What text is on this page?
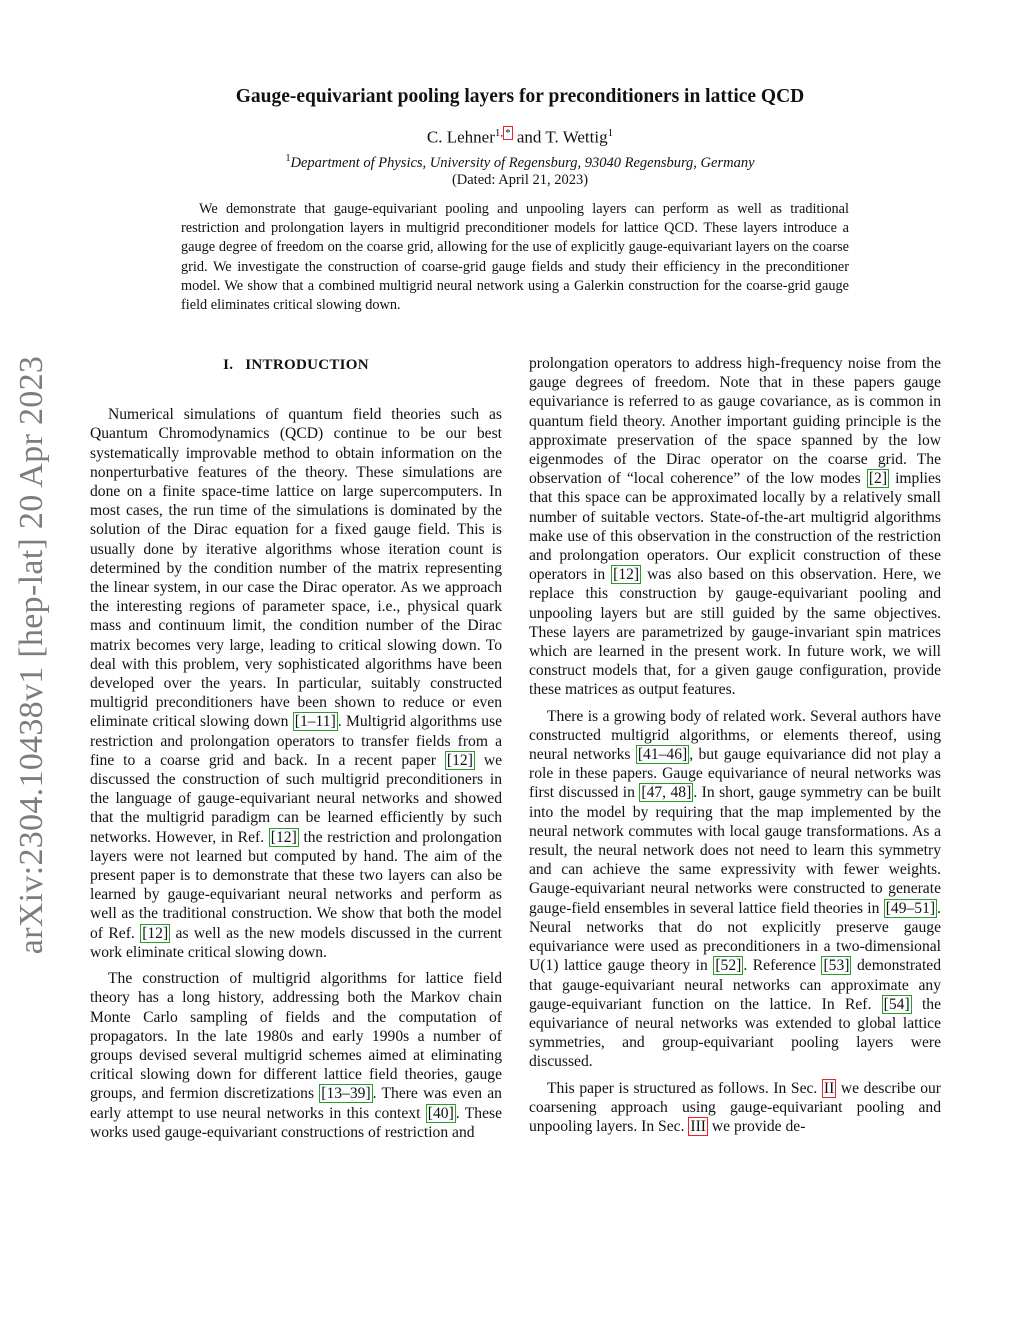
arXiv:2304.10438v1 [hep-lat] 20 Apr 2023
Gauge-equivariant pooling layers for preconditioners in lattice QCD
C. Lehner$^{1, *}$ and T. Wettig$^1$
$^1$Department of Physics, University of Regensburg, 93040 Regensburg, Germany
(Dated: April 21, 2023)

We demonstrate that gauge-equivariant pooling and unpooling layers can perform as well as traditional restriction and prolongation layers in multigrid preconditioner models for lattice QCD. These layers introduce a gauge degree of freedom on the coarse grid, allowing for the use of explicitly gauge-equivariant layers on the coarse grid. We investigate the construction of coarse-grid gauge fields and study their efficiency in the preconditioner model. We show that a combined multigrid neural network using a Galerkin construction for the coarse-grid gauge field eliminates critical slowing down.

I. INTRODUCTION

Numerical simulations of quantum field theories such as Quantum Chromodynamics (QCD) continue to be our best systematically improvable method to obtain information on the nonperturbative features of the theory. These simulations are done on a finite space-time lattice on large supercomputers. In most cases, the run time of the simulations is dominated by the solution of the Dirac equation for a fixed gauge field. This is usually done by iterative algorithms whose iteration count is determined by the condition number of the matrix representing the linear system, in our case the Dirac operator. As we approach the interesting regions of parameter space, i.e., physical quark mass and continuum limit, the condition number of the Dirac matrix becomes very large, leading to critical slowing down. To deal with this problem, very sophisticated algorithms have been developed over the years. In particular, suitably constructed multigrid preconditioners have been shown to reduce or even eliminate critical slowing down [1–11] . Multigrid algorithms use restriction and prolongation operators to transfer fields from a fine to a coarse grid and back. In a recent paper [12] we discussed the construction of such multigrid preconditioners in the language of gauge-equivariant neural networks and showed that the multigrid paradigm can be learned efficiently by such networks. However, in Ref. [12] the restriction and prolongation layers were not learned but computed by hand. The aim of the present paper is to demonstrate that these two layers can also be learned by gauge-equivariant neural networks and perform as well as the traditional construction. We show that both the model of Ref. [12] as well as the new models discussed in the current work eliminate critical slowing down.

The construction of multigrid algorithms for lattice field theory has a long history, addressing both the Markov chain Monte Carlo sampling of fields and the computation of propagators. In the late 1980s and early 1990s a number of groups devised several multigrid schemes aimed at eliminating critical slowing down for different lattice field theories, gauge groups, and fermion discretizations [13–39] . There was even an early attempt to use neural networks in this context [40] . These works used gauge-equivariant constructions of restriction and

prolongation operators to address high-frequency noise from the gauge degrees of freedom. Note that in these papers gauge equivariance is referred to as gauge covariance, as is common in quantum field theory. Another important guiding principle is the approximate preservation of the space spanned by the low eigenmodes of the Dirac operator on the coarse grid. The observation of “local coherence” of the low modes [2] implies that this space can be approximated locally by a relatively small number of suitable vectors. State-of-the-art multigrid algorithms make use of this observation in the construction of the restriction and prolongation operators. Our explicit construction of these operators in [12] was also based on this observation. Here, we replace this construction by gauge-equivariant pooling and unpooling layers but are still guided by the same objectives. These layers are parametrized by gauge-invariant spin matrices which are learned in the present work. In future work, we will construct models that, for a given gauge configuration, provide these matrices as output features.

There is a growing body of related work. Several authors have constructed multigrid algorithms, or elements thereof, using neural networks [41–46] , but gauge equivariance did not play a role in these papers. Gauge equivariance of neural networks was first discussed in [47, 48] . In short, gauge symmetry can be built into the model by requiring that the map implemented by the neural network commutes with local gauge transformations. As a result, the neural network does not need to learn this symmetry and can achieve the same expressivity with fewer weights. Gauge-equivariant neural networks were constructed to generate gauge-field ensembles in several lattice field theories in [49–51] . Neural networks that do not explicitly preserve gauge equivariance were used as preconditioners in a two-dimensional U(1) lattice gauge theory in [52] . Reference [53] demonstrated that gauge-equivariant neural networks can approximate any gauge-equivariant function on the lattice. In Ref. [54] the equivariance of neural networks was extended to global lattice symmetries, and group-equivariant pooling layers were discussed.

This paper is structured as follows. In Sec. II we describe our coarsening approach using gauge-equivariant pooling and unpooling layers. In Sec. III we provide de-
